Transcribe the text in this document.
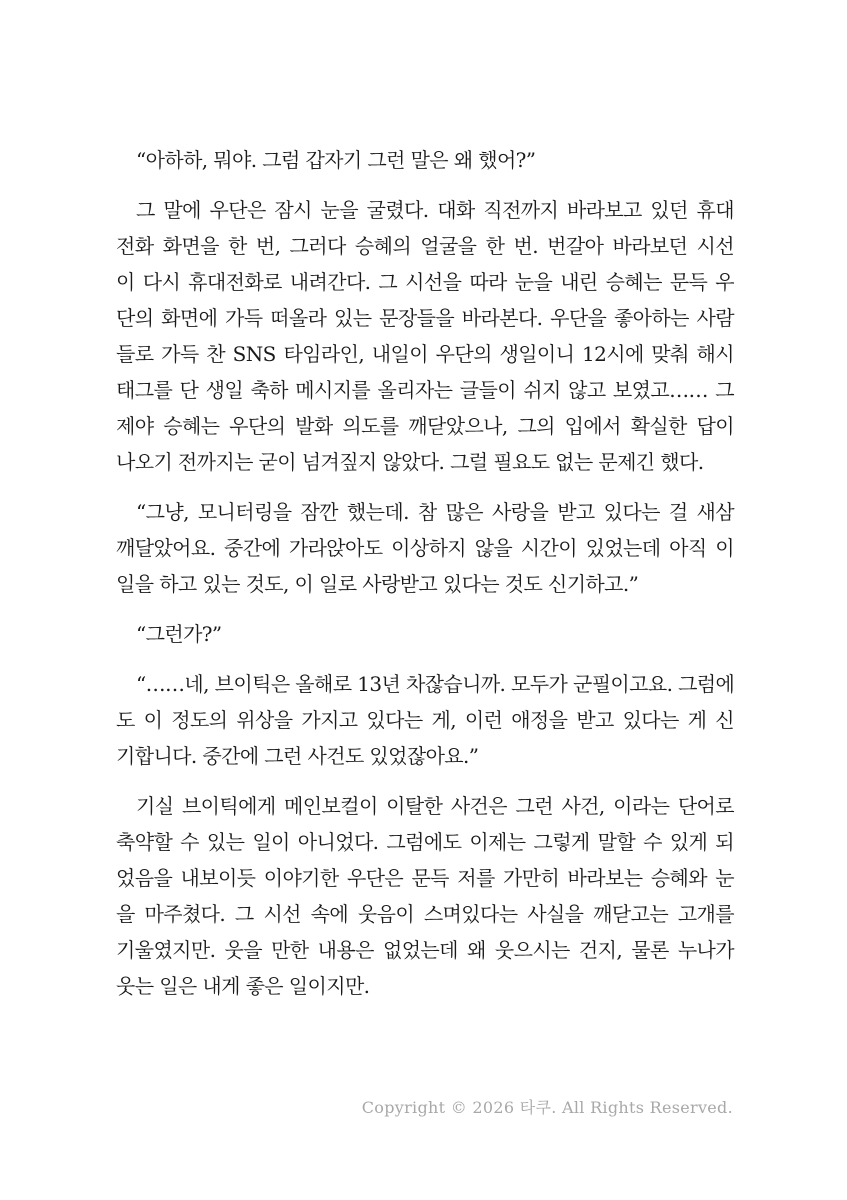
“아하하, 뭐야. 그럼 갑자기 그런 말은 왜 했어?”

그 말에 우단은 잠시 눈을 굴렸다. 대화 직전까지 바라보고 있던 휴대
전화 화면을 한 번, 그러다 승혜의 얼굴을 한 번. 번갈아 바라보던 시선
이 다시 휴대전화로 내려간다. 그 시선을 따라 눈을 내린 승혜는 문득 우
단의 화면에 가득 떠올라 있는 문장들을 바라본다. 우단을 좋아하는 사람
들로 가득 찬 SNS 타임라인, 내일이 우단의 생일이니 12시에 맞춰 해시
태그를 단 생일 축하 메시지를 올리자는 글들이 쉬지 않고 보였고…… 그
제야 승혜는 우단의 발화 의도를 깨닫았으나, 그의 입에서 확실한 답이
나오기 전까지는 굳이 넘겨짚지 않았다. 그럴 필요도 없는 문제긴 했다.

“그냥, 모니터링을 잠깐 했는데. 참 많은 사랑을 받고 있다는 걸 새삼
깨달았어요. 중간에 가라앉아도 이상하지 않을 시간이 있었는데 아직 이
일을 하고 있는 것도, 이 일로 사랑받고 있다는 것도 신기하고.”

“그런가?”

“……네, 브이틱은 올해로 13년 차잖습니까. 모두가 군필이고요. 그럼에
도 이 정도의 위상을 가지고 있다는 게, 이런 애정을 받고 있다는 게 신
기합니다. 중간에 그런 사건도 있었잖아요.”

기실 브이틱에게 메인보컬이 이탈한 사건은 그런 사건, 이라는 단어로
축약할 수 있는 일이 아니었다. 그럼에도 이제는 그렇게 말할 수 있게 되
었음을 내보이듯 이야기한 우단은 문득 저를 가만히 바라보는 승혜와 눈
을 마주쳤다. 그 시선 속에 웃음이 스며있다는 사실을 깨닫고는 고개를
기울였지만. 웃을 만한 내용은 없었는데 왜 웃으시는 건지, 물론 누나가
웃는 일은 내게 좋은 일이지만.

Copyright © 2026 타쿠. All Rights Reserved.
